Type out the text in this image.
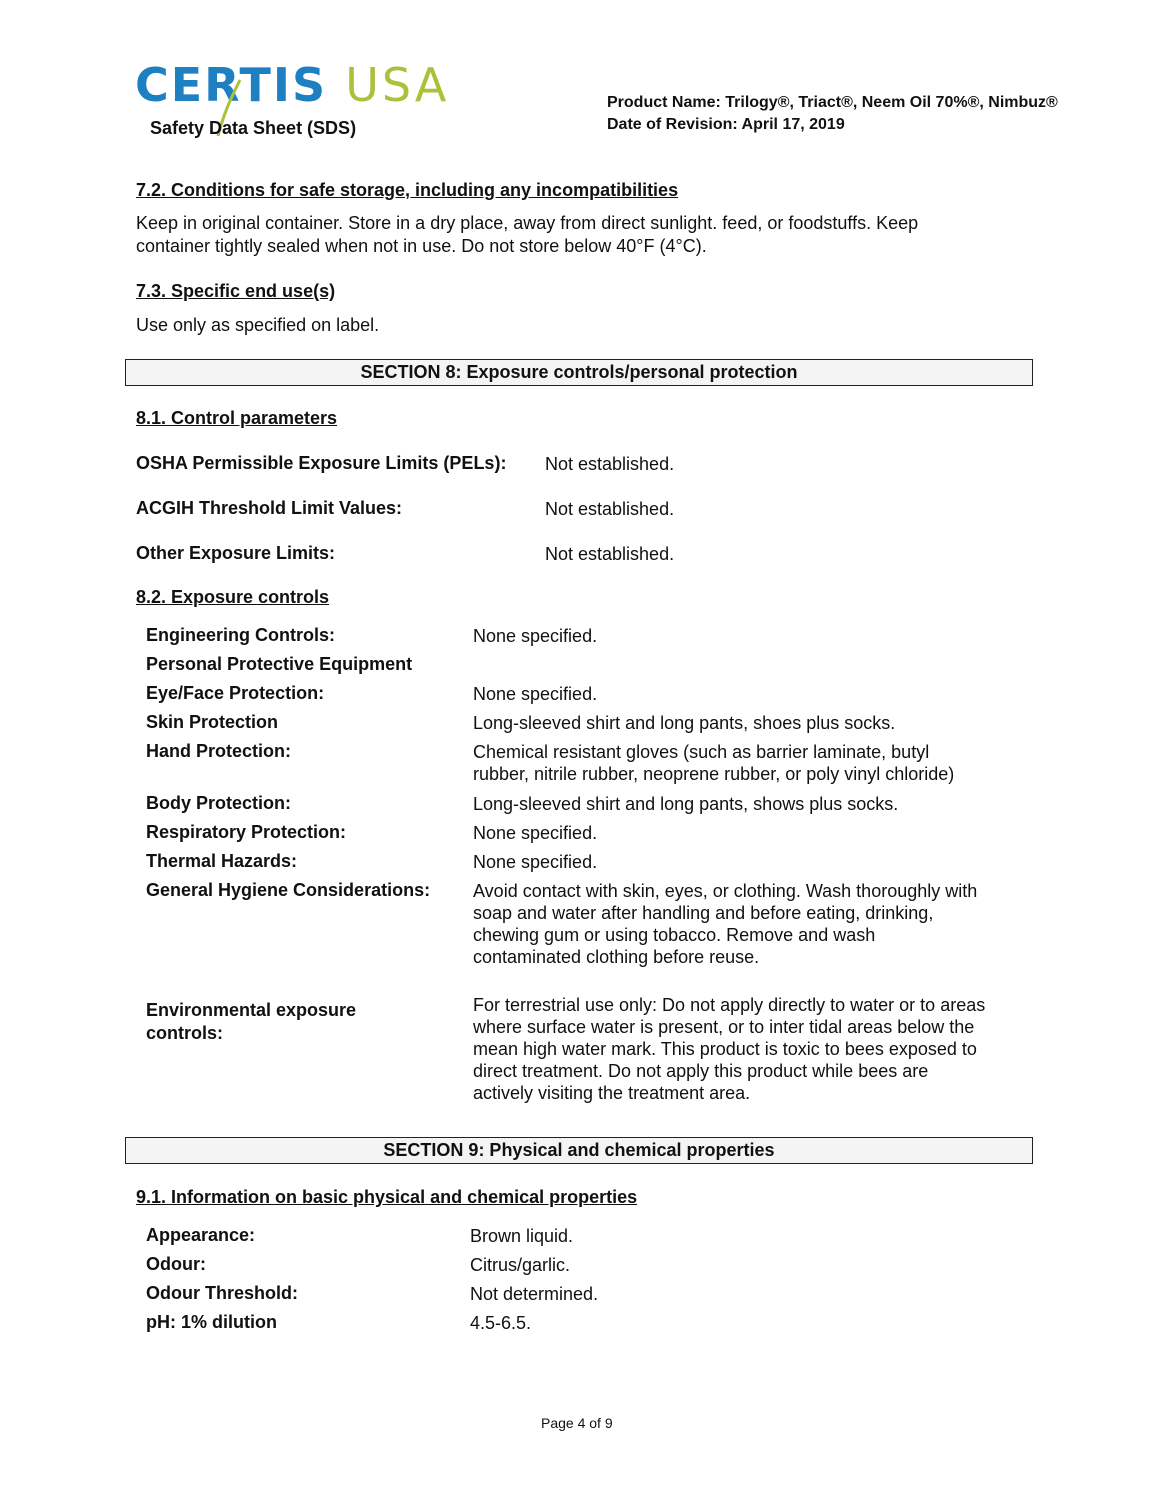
CERTIS USA
Safety Data Sheet (SDS)
Product Name: Trilogy®, Triact®, Neem Oil 70%®, Nimbuz®
Date of Revision: April 17, 2019
7.2. Conditions for safe storage, including any incompatibilities
Keep in original container. Store in a dry place, away from direct sunlight. feed, or foodstuffs. Keep
container tightly sealed when not in use. Do not store below 40°F (4°C).
7.3. Specific end use(s)
Use only as specified on label.
SECTION 8: Exposure controls/personal protection
8.1. Control parameters
OSHA Permissible Exposure Limits (PELs): Not established.
ACGIH Threshold Limit Values:	Not established.
Other Exposure Limits:	Not established.
8.2. Exposure controls
Engineering Controls:	None specified.
Personal Protective Equipment
Eye/Face Protection:	None specified.
Skin Protection	Long-sleeved shirt and long pants, shoes plus socks.
Hand Protection:	Chemical resistant gloves (such as barrier laminate, butyl
rubber, nitrile rubber, neoprene rubber, or poly vinyl chloride)
Body Protection:	Long-sleeved shirt and long pants, shows plus socks.
Respiratory Protection:	None specified.
Thermal Hazards:	None specified.
General Hygiene Considerations: Avoid contact with skin, eyes, or clothing. Wash thoroughly with
soap and water after handling and before eating, drinking,
chewing gum or using tobacco. Remove and wash
contaminated clothing before reuse.
Environmental exposure
controls:
For terrestrial use only: Do not apply directly to water or to areas
where surface water is present, or to inter tidal areas below the
mean high water mark. This product is toxic to bees exposed to
direct treatment. Do not apply this product while bees are
actively visiting the treatment area.
SECTION 9: Physical and chemical properties
9.1. Information on basic physical and chemical properties
Appearance:	Brown liquid.
Odour:	Citrus/garlic.
Odour Threshold:	Not determined.
pH: 1% dilution	4.5-6.5.
Page 4 of 9
